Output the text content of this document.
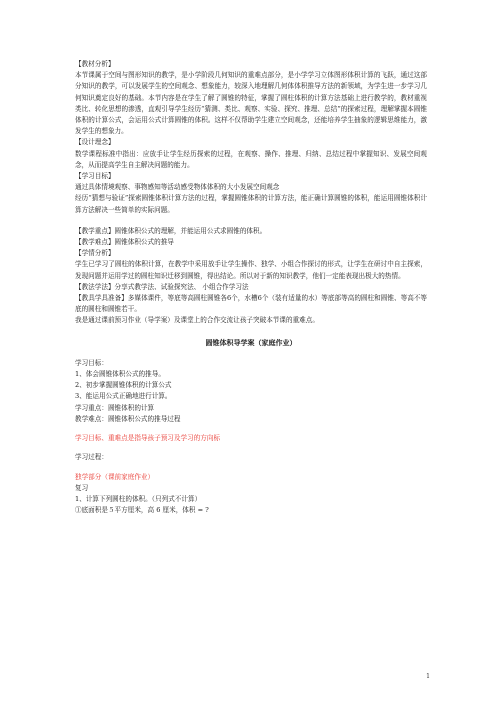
【教材分析】

本节课属于空间与图形知识的教学，是小学阶段几何知识的重难点部分，是小学学习立体图形体积计算的飞跃，通过这部分知识的教学，可以发展学生的空间观念、想象能力，较深入地理解几何体体积推导方法的新领域，为学生进一步学习几何知识奠定良好的基础。本节内容是在学生了解了圆锥的特征，掌握了圆柱体积的计算方法基础上进行教学的，教材重视类比、转化思想的渗透，直观引导学生经历“猜测、类比、观察、实验、探究、推理、总结”的探索过程，理解掌握本圆锥体积的计算公式，会运用公式计算圆锥的体积。这样不仅帮助学生建立空间观念，还能培养学生抽象的逻辑思维能力，激发学生的想象力。

【设计理念】

数学课程标准中指出：应放手让学生经历探索的过程，在观察、操作、推理、归纳、总结过程中掌握知识、发展空间观念，从而提高学生自主解决问题的能力。

【学习目标】

通过具体情境观察、事物感知等活动感受物体体积的大小发展空间观念

经历“猜想与验证”探索圆锥体积计算方法的过程，掌握圆锥体积的计算方法，能正确计算圆锥的体积，能运用圆锥体积计算方法解决一些简单的实际问题。

【教学重点】圆锥体积公式的理解，并能运用公式求圆锥的体积。

【教学难点】圆锥体积公式的推导

【学情分析】

学生已学习了圆柱的体积计算，在教学中采用放手让学生操作、独学、小组合作探讨的形式，让学生在研讨中自主探索，发现问题并运用学过的圆柱知识迁移到圆锥，得出结论。所以对于新的知识教学，他们一定能表现出极大的热情。

【教法学法】分享式教学法、试验探究法、 小组合作学习法

【教具学具准备】多媒体课件，等底等高圆柱圆锥各6个，水槽6个（装有适量的水）等底部等高的圆柱和圆锥、等高不等底的圆柱和圆锥若干。

我是通过课前预习作业（导学案）及课堂上的合作交流让孩子突破本节课的重难点。

圆锥体积导学案（家庭作业）

学习目标：

1、体会圆锥体积公式的推导。

2、初步掌握圆锥体积的计算公式

3、能运用公式正确地进行计算。

学习重点：圆锥体积的计算

教学难点：圆锥体积公式的推导过程

学习目标、重难点是指导孩子预习及学习的方向标

学习过程：

独学部分（课前家庭作业）

复习

1、计算下列圆柱的体积。（只列式不计算）

①底面积是５平方厘米，高 6 厘米，体积 = ?

1
